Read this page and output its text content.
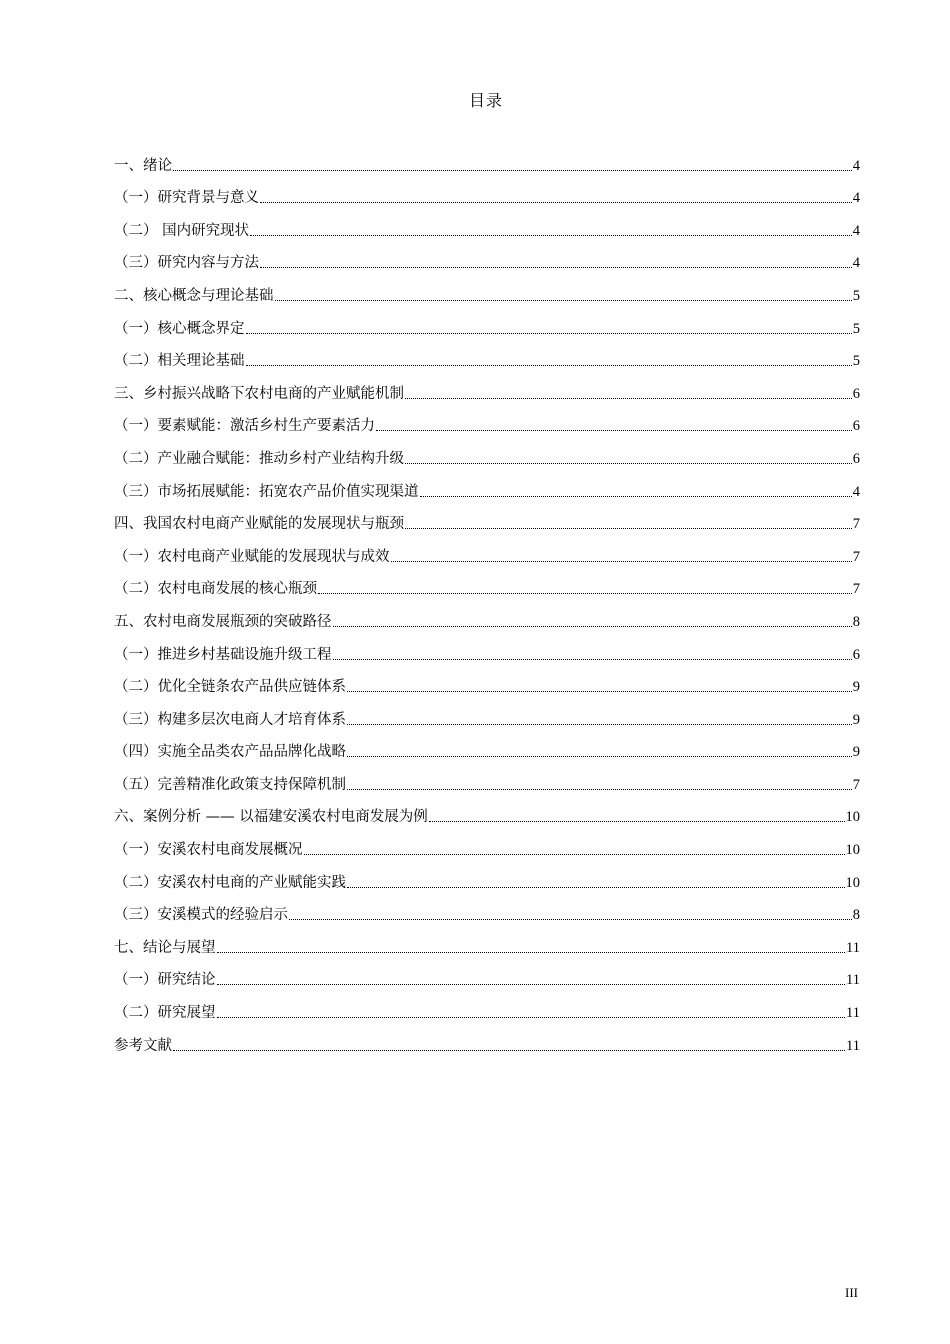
目录
一、绪论	4
（一）研究背景与意义	4
（二） 国内研究现状	4
（三）研究内容与方法	4
二、核心概念与理论基础	5
（一）核心概念界定	5
（二）相关理论基础	5
三、乡村振兴战略下农村电商的产业赋能机制	6
（一）要素赋能：激活乡村生产要素活力	6
（二）产业融合赋能：推动乡村产业结构升级	6
（三）市场拓展赋能：拓宽农产品价值实现渠道	4
四、我国农村电商产业赋能的发展现状与瓶颈	7
（一）农村电商产业赋能的发展现状与成效	7
（二）农村电商发展的核心瓶颈	7
五、农村电商发展瓶颈的突破路径	8
（一）推进乡村基础设施升级工程	6
（二）优化全链条农产品供应链体系	9
（三）构建多层次电商人才培育体系	9
（四）实施全品类农产品品牌化战略	9
（五）完善精准化政策支持保障机制	7
六、案例分析 —— 以福建安溪农村电商发展为例	10
（一）安溪农村电商发展概况	10
（二）安溪农村电商的产业赋能实践	10
（三）安溪模式的经验启示	8
七、结论与展望	11
（一）研究结论	11
（二）研究展望	11
参考文献	11
III
